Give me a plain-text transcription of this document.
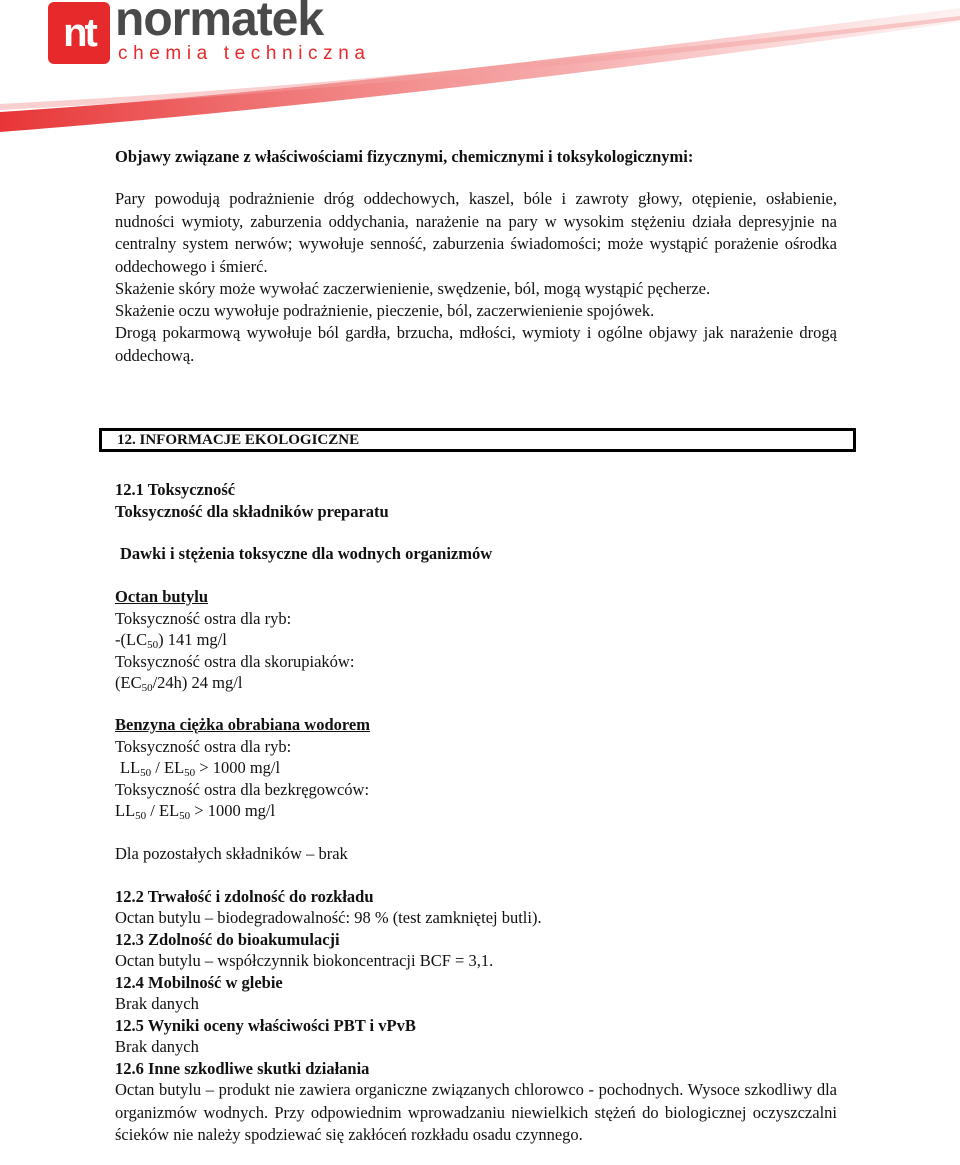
nt normatek
chemia techniczna

Objawy związane z właściwościami fizycznymi, chemicznymi i toksykologicznymi:

Pary powodują podrażnienie dróg oddechowych, kaszel, bóle i zawroty głowy, otępienie, osłabienie, nudności wymioty, zaburzenia oddychania, narażenie na pary w wysokim stężeniu działa depresyjnie na centralny system nerwów; wywołuje senność, zaburzenia świadomości; może wystąpić porażenie ośrodka oddechowego i śmierć.

Skażenie skóry może wywołać zaczerwienienie, swędzenie, ból, mogą wystąpić pęcherze.

Skażenie oczu wywołuje podrażnienie, pieczenie, ból, zaczerwienienie spojówek.

Drogą pokarmową wywołuje ból gardła, brzucha, mdłości, wymioty i ogólne objawy jak narażenie drogą oddechową.

12. INFORMACJE EKOLOGICZNE
12.1 Toksyczność
Toksyczność dla składników preparatu
Dawki i stężenia toksyczne dla wodnych organizmów
Octan butylu
Toksyczność ostra dla ryb:
$-(LC_{50})$ 141 mg/l
Toksyczność ostra dla skorupiaków:
$(EC_{50}/24h)$ 24 mg/l
Benzyna ciężka obrabiana wodorem
Toksyczność ostra dla ryb:
$LL_{50} / EL_{50} > 1000$ mg/l
Toksyczność ostra dla bezkręgowców:
$LL_{50} / EL_{50} > 1000$ mg/l
Dla pozostałych składników – brak
12.2 Trwałość i zdolność do rozkładu
Octan butylu – biodegradowalność: 98 % (test zamkniętej butli).
12.3 Zdolność do bioakumulacji
Octan butylu – współczynnik biokoncentracji BCF = 3,1.
12.4 Mobilność w glebie
Brak danych
12.5 Wyniki oceny właściwości PBT i vPvB
Brak danych
12.6 Inne szkodliwe skutki działania

Octan butylu – produkt nie zawiera organiczne związanych chlorowco - pochodnych. Wysoce szkodliwy dla organizmów wodnych. Przy odpowiednim wprowadzaniu niewielkich stężeń do biologicznej oczyszczalni ścieków nie należy spodziewać się zakłóceń rozkładu osadu czynnego.
